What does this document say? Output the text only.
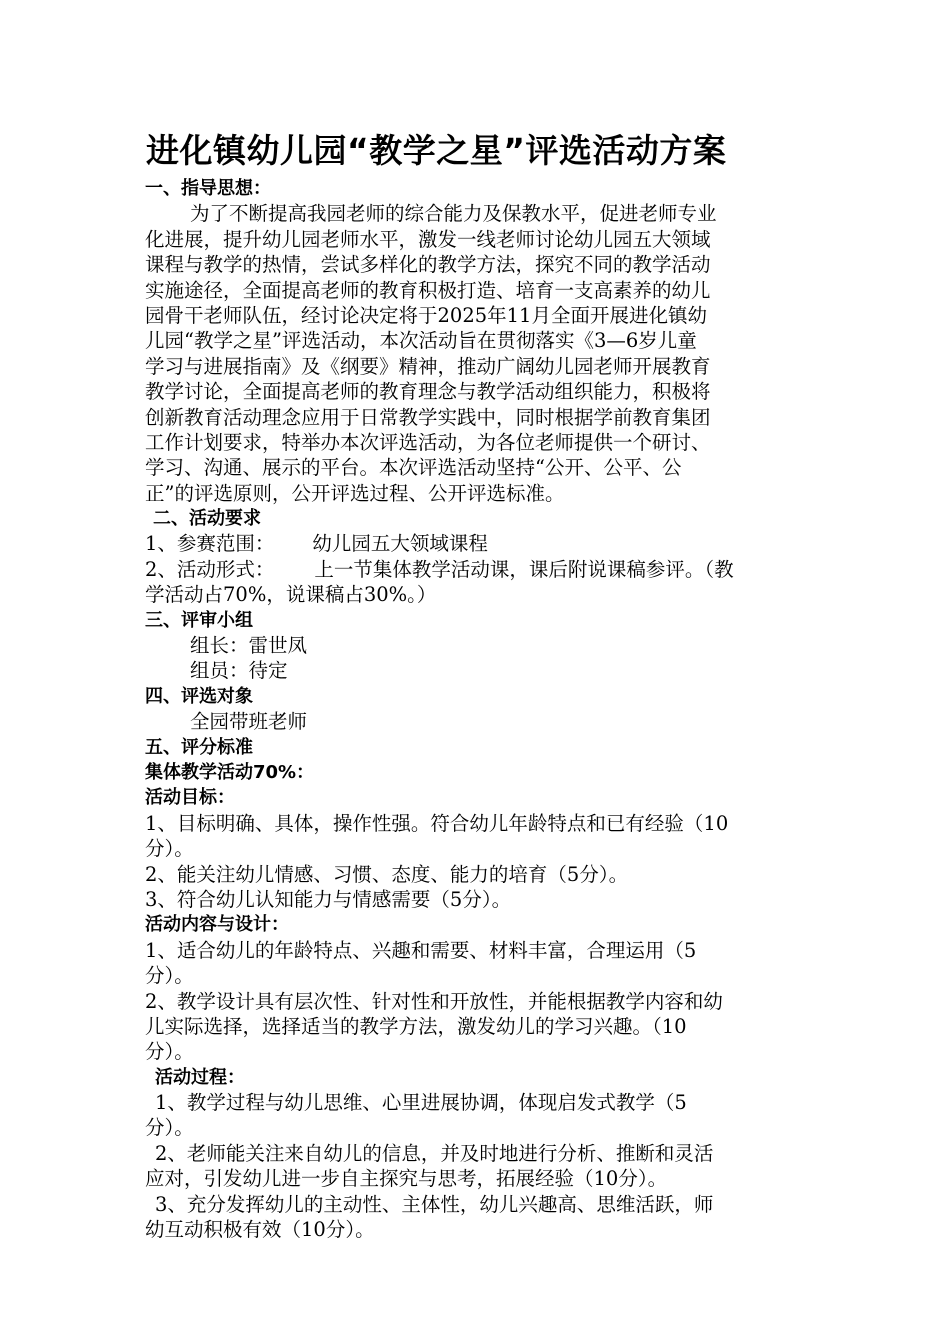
进化镇幼儿园“教学之星”评选活动方案
一、指导思想：
为了不断提高我园老师的综合能力及保教水平，促进老师专业
化进展，提升幼儿园老师水平，激发一线老师讨论幼儿园五大领域
课程与教学的热情，尝试多样化的教学方法，探究不同的教学活动
实施途径，全面提高老师的教育积极打造、培育一支高素养的幼儿
园骨干老师队伍，经讨论决定将于2025年11月全面开展进化镇幼
儿园“教学之星”评选活动，本次活动旨在贯彻落实《3—6岁儿童
学习与进展指南》及《纲要》精神，推动广阔幼儿园老师开展教育
教学讨论，全面提高老师的教育理念与教学活动组织能力，积极将
创新教育活动理念应用于日常教学实践中，同时根据学前教育集团
工作计划要求，特举办本次评选活动，为各位老师提供一个研讨、
学习、沟通、展示的平台。本次评选活动坚持“公开、公平、公
正”的评选原则，公开评选过程、公开评选标准。
二、活动要求
1、参赛范围： 幼儿园五大领域课程
2、活动形式： 上一节集体教学活动课，课后附说课稿参评。（教
学活动占70%，说课稿占30%。）
三、评审小组
组长：雷世凤
组员：待定
四、评选对象
全园带班老师
五、评分标准
集体教学活动70%：
活动目标：
1、目标明确、具体，操作性强。符合幼儿年龄特点和已有经验（10
分）。
2、能关注幼儿情感、习惯、态度、能力的培育（5分）。
3、符合幼儿认知能力与情感需要（5分）。
活动内容与设计：
1、适合幼儿的年龄特点、兴趣和需要、材料丰富，合理运用（5
分）。
2、教学设计具有层次性、针对性和开放性，并能根据教学内容和幼
儿实际选择，选择适当的教学方法，激发幼儿的学习兴趣。（10
分）。
活动过程：
1、教学过程与幼儿思维、心里进展协调，体现启发式教学（5
分）。
2、老师能关注来自幼儿的信息，并及时地进行分析、推断和灵活
应对，引发幼儿进一步自主探究与思考，拓展经验（10分）。
3、充分发挥幼儿的主动性、主体性，幼儿兴趣高、思维活跃，师
幼互动积极有效（10分）。
